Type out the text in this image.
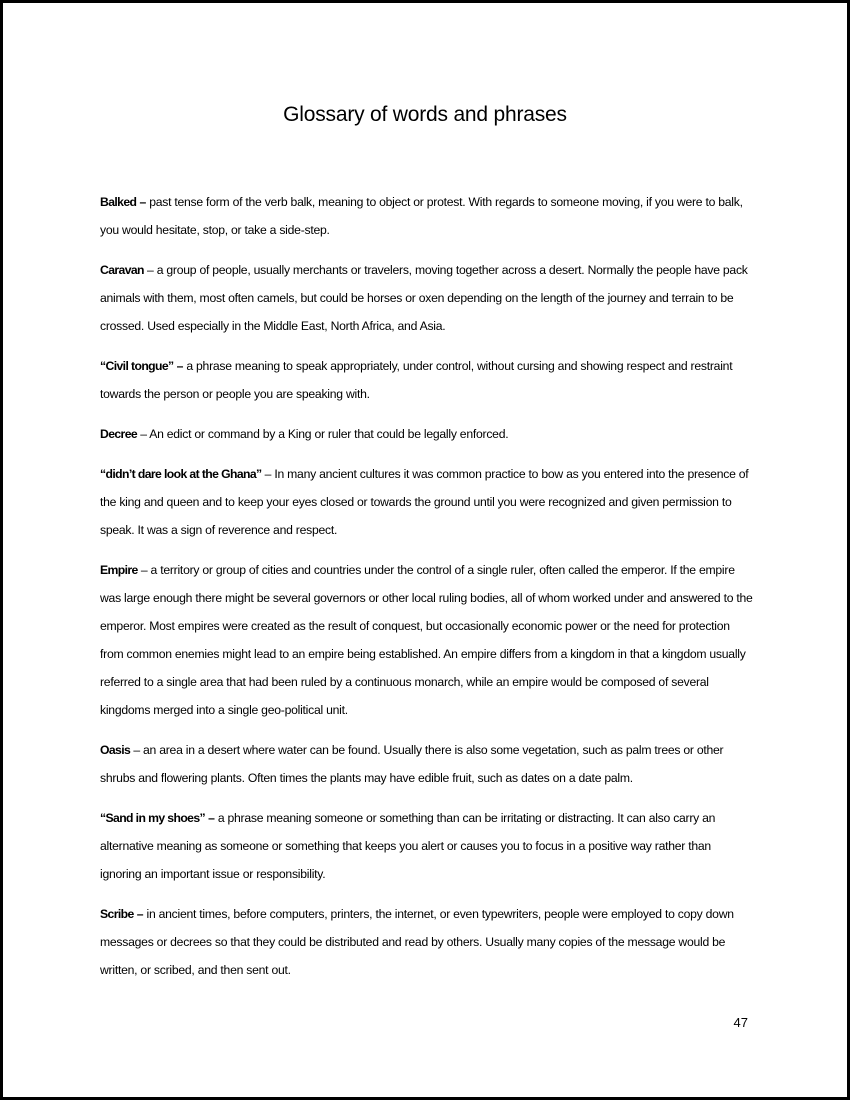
Glossary of words and phrases

Balked – past tense form of the verb balk, meaning to object or protest. With regards to someone moving, if you were to balk, you would hesitate, stop, or take a side-step.

Caravan – a group of people, usually merchants or travelers, moving together across a desert. Normally the people have pack animals with them, most often camels, but could be horses or oxen depending on the length of the journey and terrain to be crossed. Used especially in the Middle East, North Africa, and Asia.

“Civil tongue” – a phrase meaning to speak appropriately, under control, without cursing and showing respect and restraint towards the person or people you are speaking with.

Decree – An edict or command by a King or ruler that could be legally enforced.

“didn’t dare look at the Ghana” – In many ancient cultures it was common practice to bow as you entered into the presence of the king and queen and to keep your eyes closed or towards the ground until you were recognized and given permission to speak. It was a sign of reverence and respect.

Empire – a territory or group of cities and countries under the control of a single ruler, often called the emperor. If the empire was large enough there might be several governors or other local ruling bodies, all of whom worked under and answered to the emperor. Most empires were created as the result of conquest, but occasionally economic power or the need for protection from common enemies might lead to an empire being established. An empire differs from a kingdom in that a kingdom usually referred to a single area that had been ruled by a continuous monarch, while an empire would be composed of several kingdoms merged into a single geo-political unit.

Oasis – an area in a desert where water can be found. Usually there is also some vegetation, such as palm trees or other shrubs and flowering plants. Often times the plants may have edible fruit, such as dates on a date palm.

“Sand in my shoes” – a phrase meaning someone or something than can be irritating or distracting. It can also carry an alternative meaning as someone or something that keeps you alert or causes you to focus in a positive way rather than ignoring an important issue or responsibility.

Scribe – in ancient times, before computers, printers, the internet, or even typewriters, people were employed to copy down messages or decrees so that they could be distributed and read by others. Usually many copies of the message would be written, or scribed, and then sent out.

47
